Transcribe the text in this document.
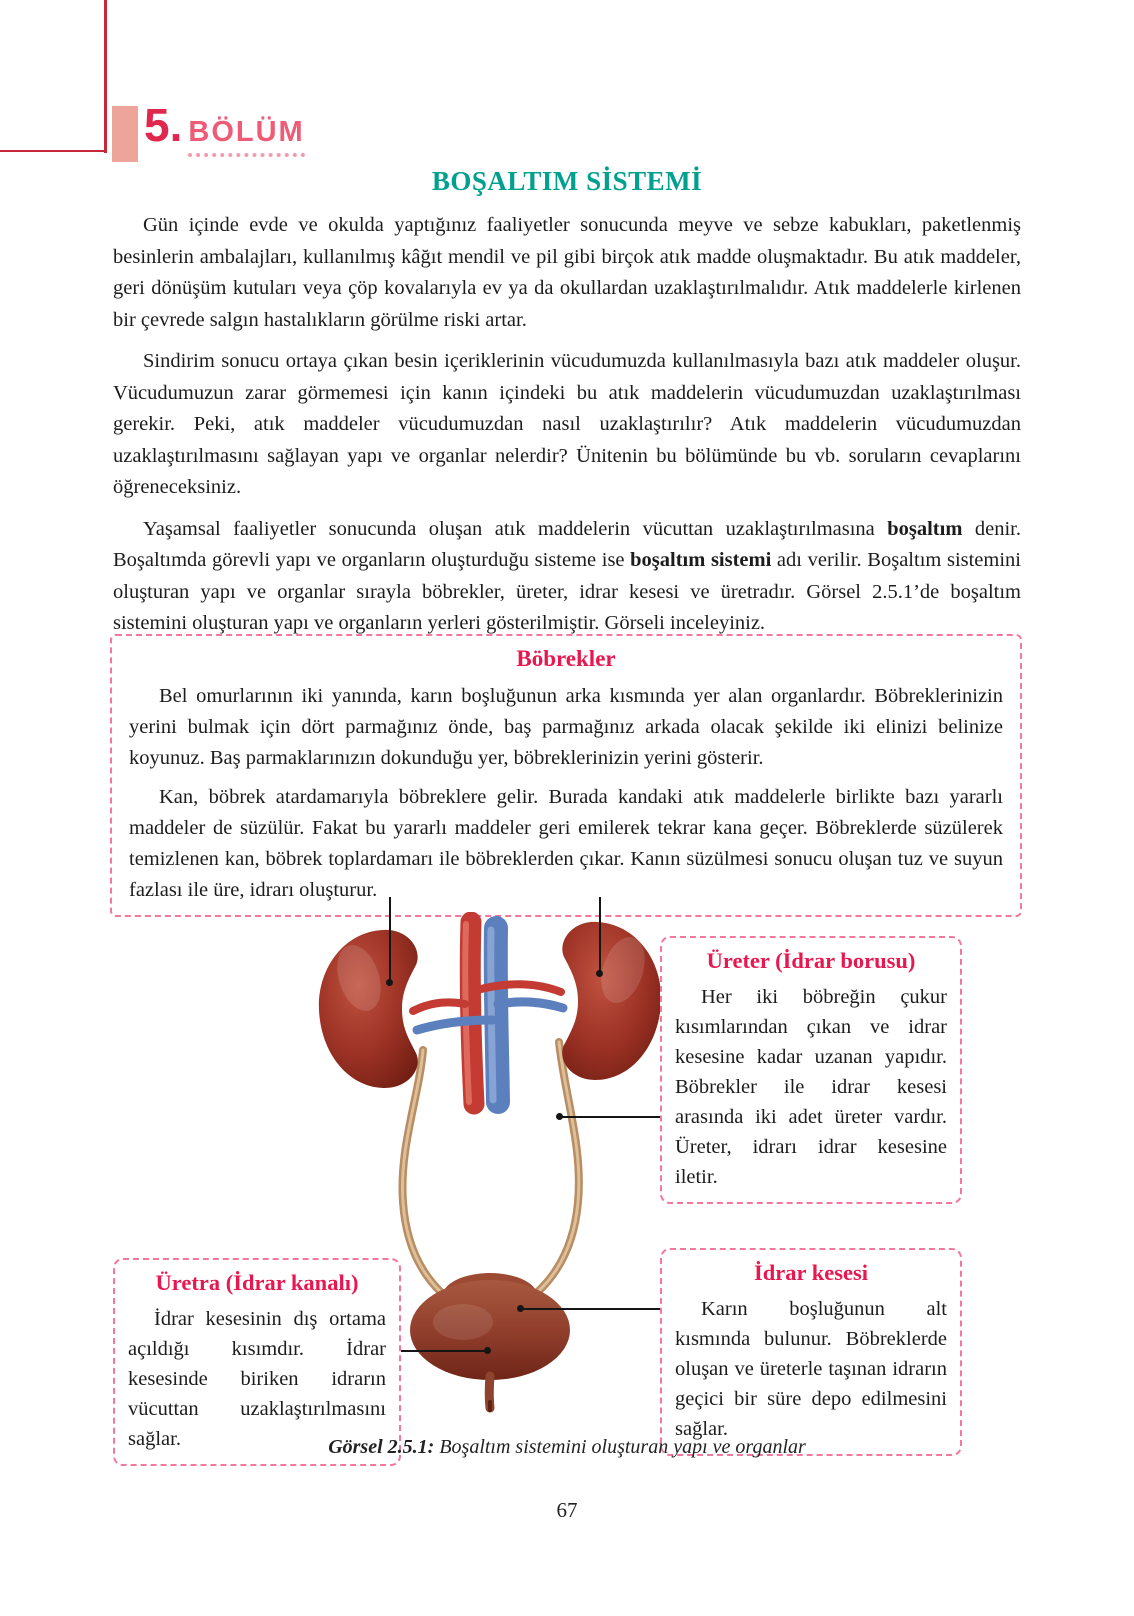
5. BÖLÜM
BOŞALTIM SİSTEMİ

Gün içinde evde ve okulda yaptığınız faaliyetler sonucunda meyve ve sebze kabukları, paketlenmiş besinlerin ambalajları, kullanılmış kâğıt mendil ve pil gibi birçok atık madde oluşmaktadır. Bu atık maddeler, geri dönüşüm kutuları veya çöp kovalarıyla ev ya da okullardan uzaklaştırılmalıdır. Atık maddelerle kirlenen bir çevrede salgın hastalıkların görülme riski artar.

Sindirim sonucu ortaya çıkan besin içeriklerinin vücudumuzda kullanılmasıyla bazı atık maddeler oluşur. Vücudumuzun zarar görmemesi için kanın içindeki bu atık maddelerin vücudumuzdan uzaklaştırılması gerekir. Peki, atık maddeler vücudumuzdan nasıl uzaklaştırılır? Atık maddelerin vücudumuzdan uzaklaştırılmasını sağlayan yapı ve organlar nelerdir? Ünitenin bu bölümünde bu vb. soruların cevaplarını öğreneceksiniz.

Yaşamsal faaliyetler sonucunda oluşan atık maddelerin vücuttan uzaklaştırılmasına boşaltım denir. Boşaltımda görevli yapı ve organların oluşturduğu sisteme ise boşaltım sistemi adı verilir. Boşaltım sistemini oluşturan yapı ve organlar sırayla böbrekler, üreter, idrar kesesi ve üretradır. Görsel 2.5.1’de boşaltım sistemini oluşturan yapı ve organların yerleri gösterilmiştir. Görseli inceleyiniz.

Böbrekler

Bel omurlarının iki yanında, karın boşluğunun arka kısmında yer alan organlardır. Böbreklerinizin yerini bulmak için dört parmağınız önde, baş parmağınız arkada olacak şekilde iki elinizi belinize koyunuz. Baş parmaklarınızın dokunduğu yer, böbreklerinizin yerini gösterir.

Kan, böbrek atardamarıyla böbreklere gelir. Burada kandaki atık maddelerle birlikte bazı yararlı maddeler de süzülür. Fakat bu yararlı maddeler geri emilerek tekrar kana geçer. Böbreklerde süzülerek temizlenen kan, böbrek toplardamarı ile böbreklerden çıkar. Kanın süzülmesi sonucu oluşan tuz ve suyun fazlası ile üre, idrarı oluşturur.

Üreter (İdrar borusu)

Her iki böbreğin çukur kısımlarından çıkan ve idrar kesesine kadar uzanan yapıdır. Böbrekler ile idrar kesesi arasında iki adet üreter vardır. Üreter, idrarı idrar kesesine iletir.

Üretra (İdrar kanalı)

İdrar kesesinin dış ortama açıldığı kısımdır. İdrar kesesinde biriken idrarın vücuttan uzaklaştırılmasını sağlar.

İdrar kesesi

Karın boşluğunun alt kısmında bulunur. Böbreklerde oluşan ve üreterle taşınan idrarın geçici bir süre depo edilmesini sağlar.

Görsel 2.5.1: Boşaltım sistemini oluşturan yapı ve organlar
67
